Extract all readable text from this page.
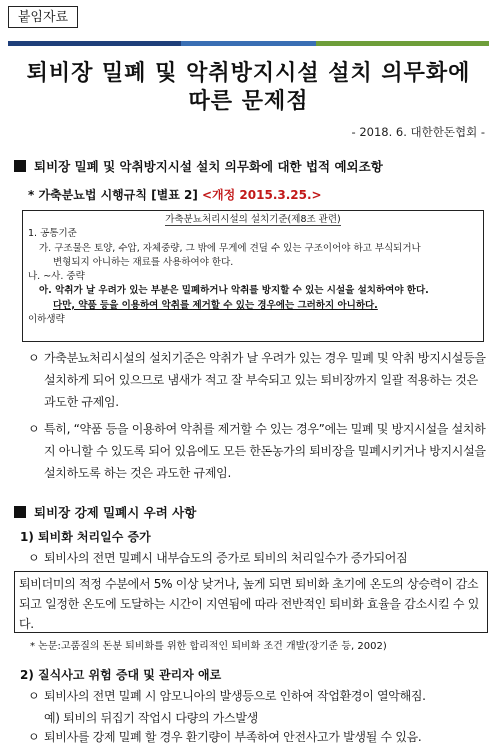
붙임자료
퇴비장 밀폐 및 악취방지시설 설치 의무화에
따른 문제점
- 2018. 6. 대한한돈협회 -
퇴비장 밀폐 및 악취방지시설 설치 의무화에 대한 법적 예외조항
* 가축분뇨법 시행규칙 [별표 2] <개정 2015.3.25.>
가축분뇨처리시설의 설치기준(제8조 관련)
1. 공통기준
가. 구조물은 토양, 수압, 자체중량, 그 밖에 무게에 견딜 수 있는 구조이어야 하고 부식되거나
변형되지 아니하는 재료를 사용하여야 한다.
나. ~사. 중략
아. 악취가 날 우려가 있는 부분은 밀폐하거나 악취를 방지할 수 있는 시설을 설치하여야 한다.
다만, 약품 등을 이용하여 악취를 제거할 수 있는 경우에는 그러하지 아니하다.
이하생략
ㅇ 가축분뇨처리시설의 설치기준은 악취가 날 우려가 있는 경우 밀폐 및 악취 방지시설등을 설치하게 되어 있으므로 냄새가 적고 잘 부숙되고 있는 퇴비장까지 일괄 적용하는 것은 과도한 규제임.
ㅇ 특히, “약품 등을 이용하여 악취를 제거할 수 있는 경우”에는 밀폐 및 방지시설을 설치하지 아니할 수 있도록 되어 있음에도 모든 한돈농가의 퇴비장을 밀폐시키거나 방지시설을 설치하도록 하는 것은 과도한 규제임.
퇴비장 강제 밀폐시 우려 사항
1) 퇴비화 처리일수 증가
ㅇ 퇴비사의 전면 밀폐시 내부습도의 증가로 퇴비의 처리일수가 증가되어짐
퇴비더미의 적정 수분에서 5% 이상 낮거나, 높게 되면 퇴비화 초기에 온도의 상승력이 감소되고 일정한 온도에 도달하는 시간이 지연됨에 따라 전반적인 퇴비화 효율을 감소시킬 수 있다.
* 논문:고품질의 돈분 퇴비화를 위한 합리적인 퇴비화 조건 개발(장기준 등, 2002)
2) 질식사고 위험 증대 및 관리자 애로
ㅇ 퇴비사의 전면 밀폐 시 암모니아의 발생등으로 인하여 작업환경이 열악해짐.
예) 퇴비의 뒤집기 작업시 다량의 가스발생
ㅇ 퇴비사를 강제 밀폐 할 경우 환기량이 부족하여 안전사고가 발생될 수 있음.
